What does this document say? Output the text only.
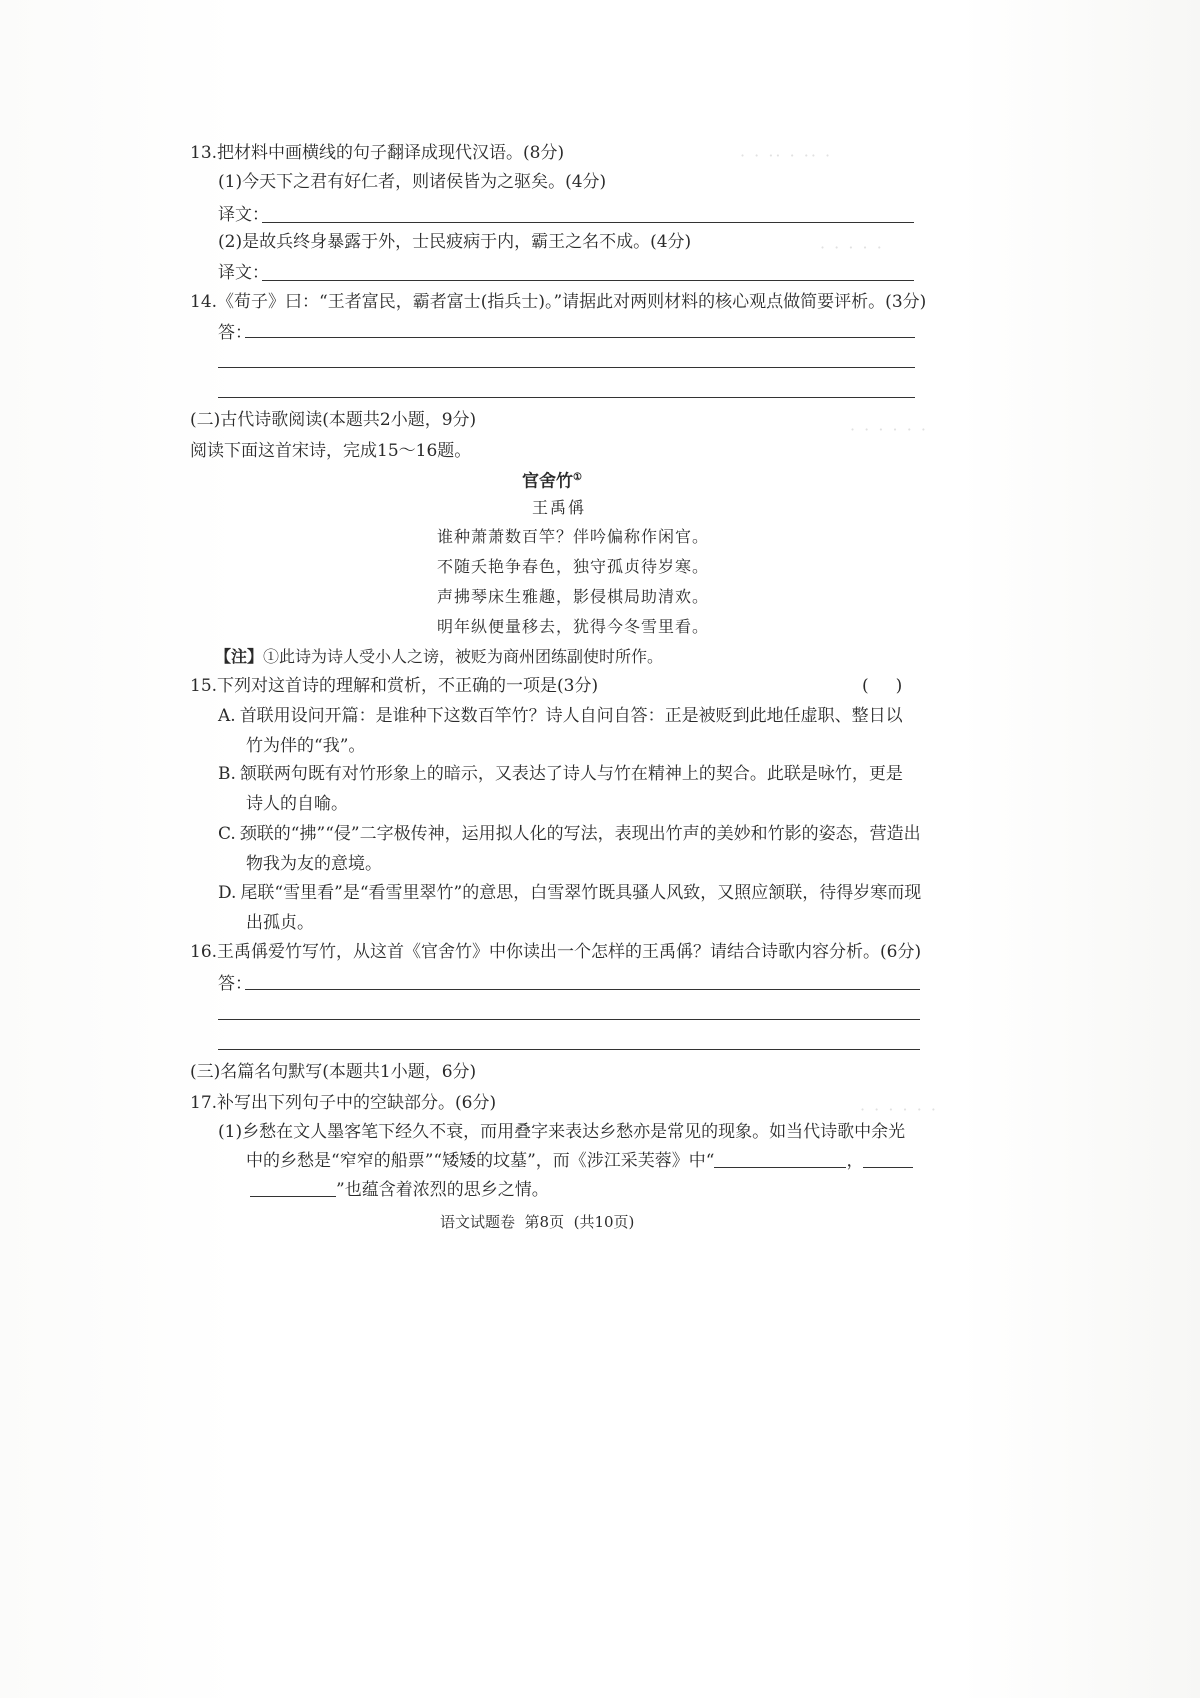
· · ·· · ·· ·
· · · · ·
· · · · · ·
· · · · · ·
13.把材料中画横线的句子翻译成现代汉语。(8分)
(1)今天下之君有好仁者，则诸侯皆为之驱矣。(4分)
译文：
(2)是故兵终身暴露于外，士民疲病于内，霸王之名不成。(4分)
译文：
14.《荀子》曰：“王者富民，霸者富士(指兵士)。”请据此对两则材料的核心观点做简要评析。(3分)
答：
(二)古代诗歌阅读(本题共2小题，9分)
阅读下面这首宋诗，完成15～16题。
官舍竹①
王禹偁
谁种萧萧数百竿？伴吟偏称作闲官。
不随夭艳争春色，独守孤贞待岁寒。
声拂琴床生雅趣，影侵棋局助清欢。
明年纵便量移去，犹得今冬雪里看。
【注】①此诗为诗人受小人之谤，被贬为商州团练副使时所作。
15.下列对这首诗的理解和赏析，不正确的一项是(3分)	(     )
A. 首联用设问开篇：是谁种下这数百竿竹？诗人自问自答：正是被贬到此地任虚职、整日以
竹为伴的“我”。
B. 颔联两句既有对竹形象上的暗示，又表达了诗人与竹在精神上的契合。此联是咏竹，更是
诗人的自喻。
C. 颈联的“拂”“侵”二字极传神，运用拟人化的写法，表现出竹声的美妙和竹影的姿态，营造出
物我为友的意境。
D. 尾联“雪里看”是“看雪里翠竹”的意思，白雪翠竹既具骚人风致，又照应颔联，待得岁寒而现
出孤贞。
16.王禹偁爱竹写竹，从这首《官舍竹》中你读出一个怎样的王禹偁？请结合诗歌内容分析。(6分)
答：
(三)名篇名句默写(本题共1小题，6分)
17.补写出下列句子中的空缺部分。(6分)
(1)乡愁在文人墨客笔下经久不衰，而用叠字来表达乡愁亦是常见的现象。如当代诗歌中余光
中的乡愁是“窄窄的船票”“矮矮的坟墓”，而《涉江采芙蓉》中“	，
”也蕴含着浓烈的思乡之情。
语文试题卷  第8页  (共10页)
